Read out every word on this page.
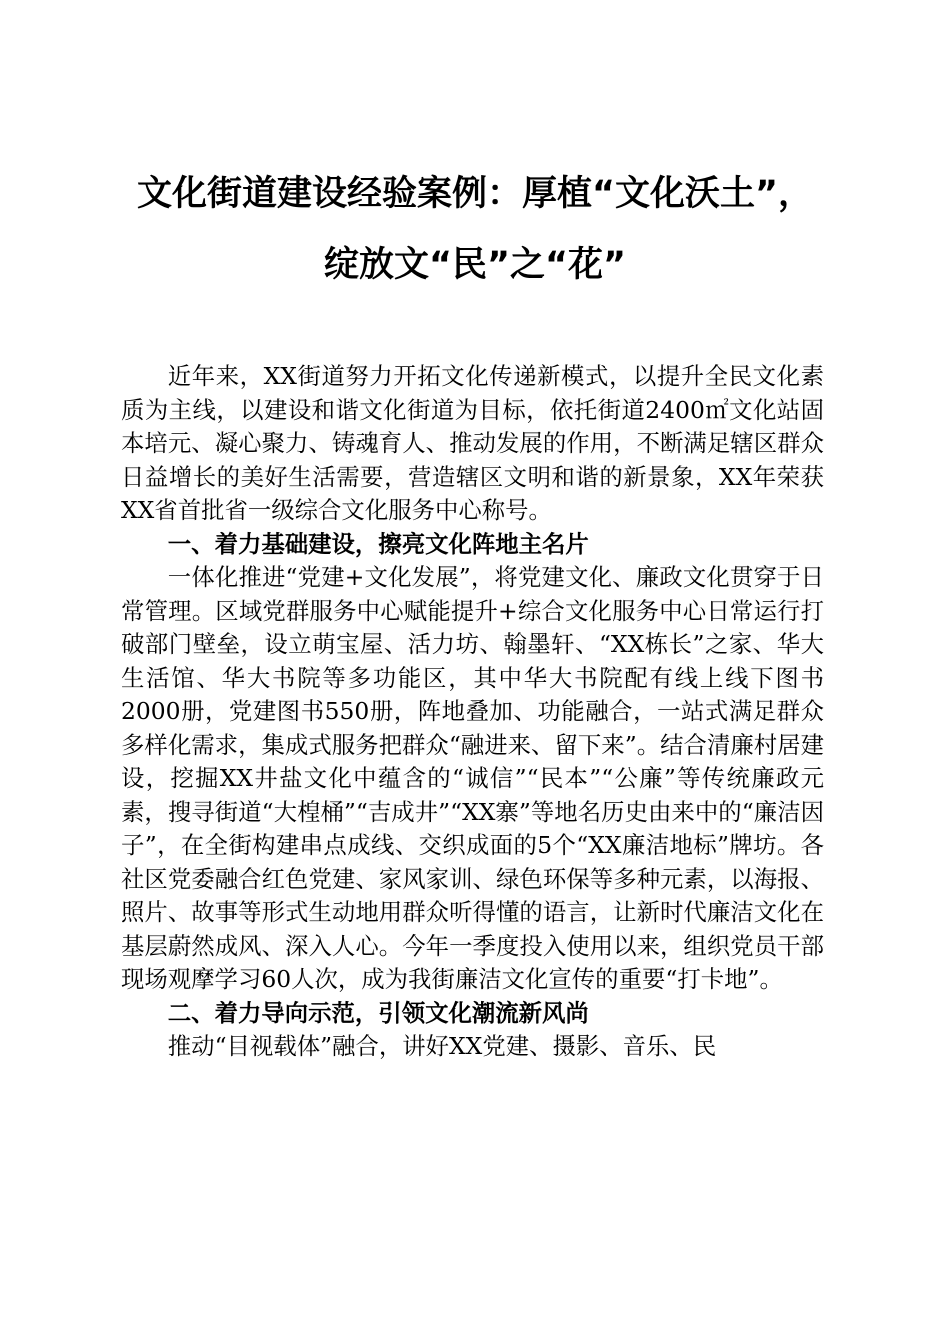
文化街道建设经验案例：厚植“文化沃土”，
绽放文“民”之“花”

近年来，XX街道努力开拓文化传递新模式，以提升全民文化素质为主线，以建设和谐文化街道为目标，依托街道2400㎡文化站固本培元、凝心聚力、铸魂育人、推动发展的作用，不断满足辖区群众日益增长的美好生活需要，营造辖区文明和谐的新景象，XX年荣获XX省首批省一级综合文化服务中心称号。

一、着力基础建设，擦亮文化阵地主名片

一体化推进“党建+文化发展”，将党建文化、廉政文化贯穿于日常管理。区域党群服务中心赋能提升+综合文化服务中心日常运行打破部门壁垒，设立萌宝屋、活力坊、翰墨轩、“XX栋长”之家、华大生活馆、华大书院等多功能区，其中华大书院配有线上线下图书2000册，党建图书550册，阵地叠加、功能融合，一站式满足群众多样化需求，集成式服务把群众“融进来、留下来”。结合清廉村居建设，挖掘XX井盐文化中蕴含的“诚信”“民本”“公廉”等传统廉政元素，搜寻街道“大楻桶”“吉成井”“XX寨”等地名历史由来中的“廉洁因子”，在全街构建串点成线、交织成面的5个“XX廉洁地标”牌坊。各社区党委融合红色党建、家风家训、绿色环保等多种元素，以海报、照片、故事等形式生动地用群众听得懂的语言，让新时代廉洁文化在基层蔚然成风、深入人心。今年一季度投入使用以来，组织党员干部现场观摩学习60人次，成为我街廉洁文化宣传的重要“打卡地”。

二、着力导向示范，引领文化潮流新风尚

推动“目视载体”融合，讲好XX党建、摄影、音乐、民
